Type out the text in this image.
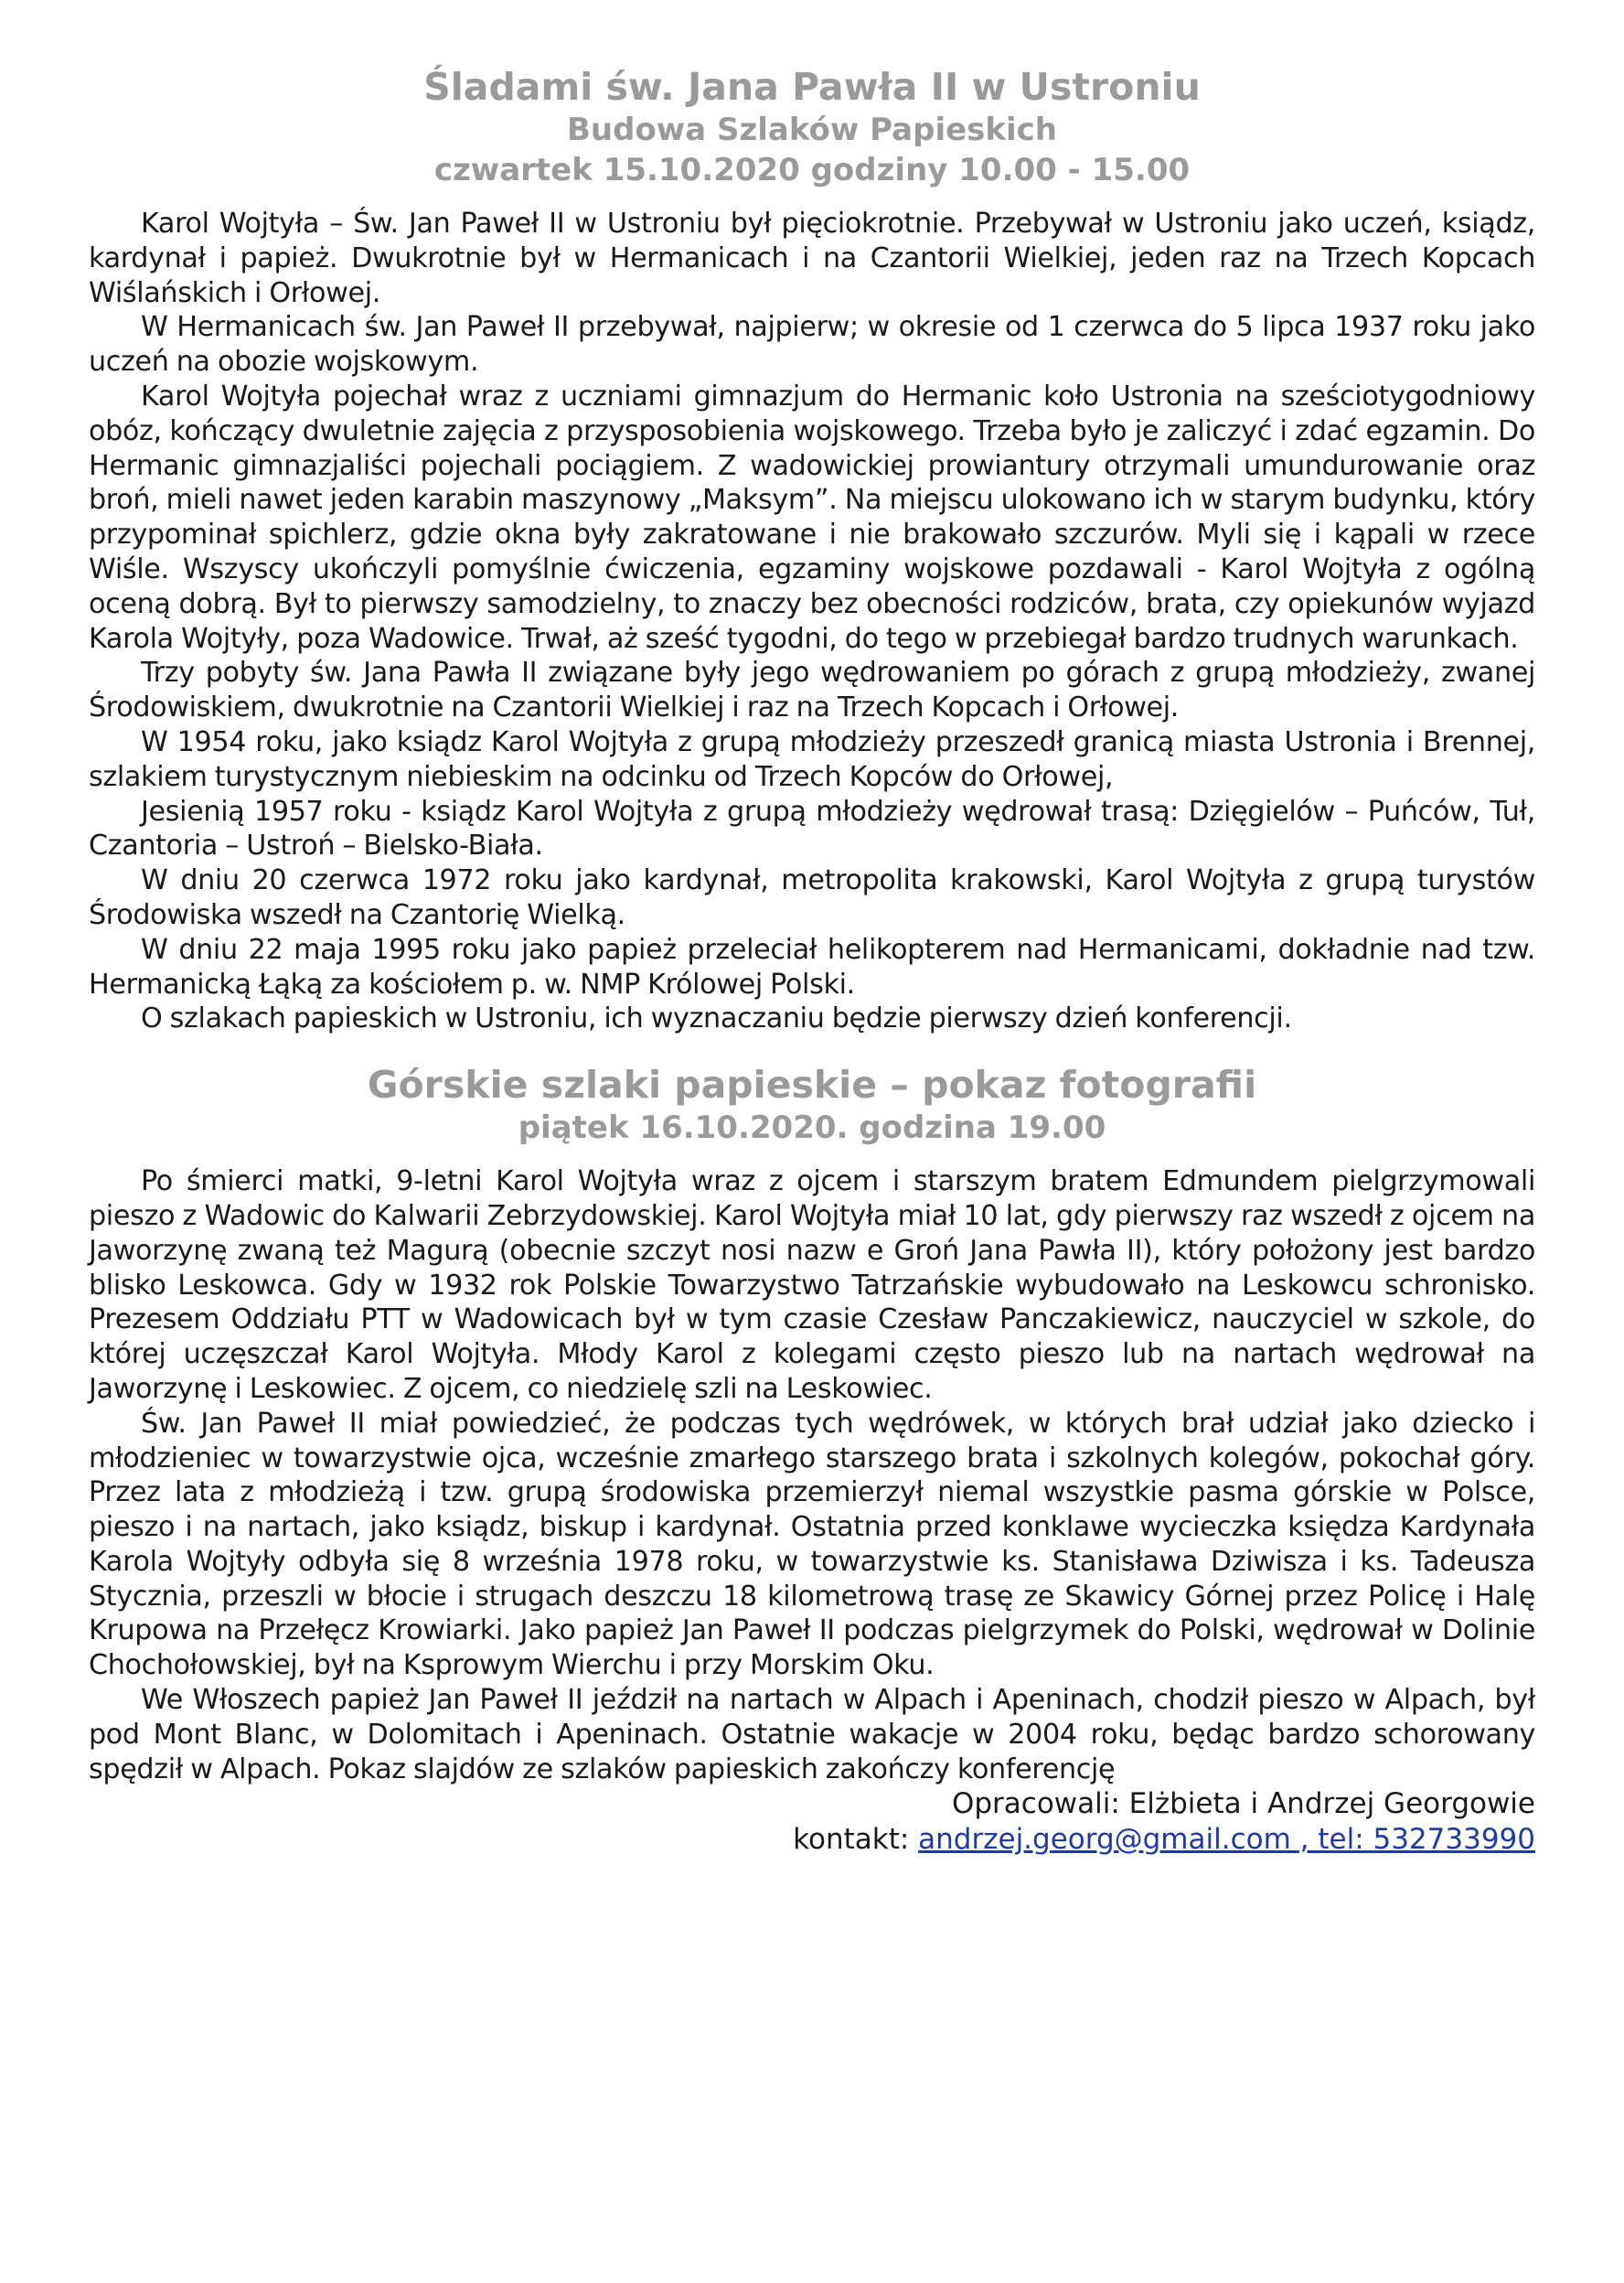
Śladami św. Jana Pawła II w Ustroniu

Budowa Szlaków Papieskich

czwartek 15.10.2020 godziny 10.00 - 15.00

Karol Wojtyła – Św. Jan Paweł II w Ustroniu był pięciokrotnie. Przebywał w Ustroniu jako uczeń, ksiądz, kardynał i papież. Dwukrotnie był w Hermanicach i na Czantorii Wielkiej, jeden raz na Trzech Kopcach Wiślańskich i Orłowej.

W Hermanicach św. Jan Paweł II przebywał, najpierw; w okresie od 1 czerwca do 5 lipca 1937 roku jako uczeń na obozie wojskowym.

Karol Wojtyła pojechał wraz z uczniami gimnazjum do Hermanic koło Ustronia na sześciotygodniowy obóz, kończący dwuletnie zajęcia z przysposobienia wojskowego. Trzeba było je zaliczyć i zdać egzamin. Do Hermanic gimnazjaliści pojechali pociągiem. Z wadowickiej prowiantury otrzymali umundurowanie oraz broń, mieli nawet jeden karabin maszynowy „Maksym”. Na miejscu ulokowano ich w starym budynku, który przypominał spichlerz, gdzie okna były zakratowane i nie brakowało szczurów. Myli się i kąpali w rzece Wiśle. Wszyscy ukończyli pomyślnie ćwiczenia, egzaminy wojskowe pozdawali - Karol Wojtyła z ogólną oceną dobrą. Był to pierwszy samodzielny, to znaczy bez obecności rodziców, brata, czy opiekunów wyjazd Karola Wojtyły, poza Wadowice. Trwał, aż sześć tygodni, do tego w przebiegał bardzo trudnych warunkach.

Trzy pobyty św. Jana Pawła II związane były jego wędrowaniem po górach z grupą młodzieży, zwanej Środowiskiem, dwukrotnie na Czantorii Wielkiej i raz na Trzech Kopcach i Orłowej.

W 1954 roku, jako ksiądz Karol Wojtyła z grupą młodzieży przeszedł granicą miasta Ustronia i Brennej, szlakiem turystycznym niebieskim na odcinku od Trzech Kopców do Orłowej,

Jesienią 1957 roku - ksiądz Karol Wojtyła z grupą młodzieży wędrował trasą: Dzięgielów – Puńców, Tuł, Czantoria – Ustroń – Bielsko-Biała.

W dniu 20 czerwca 1972 roku jako kardynał, metropolita krakowski, Karol Wojtyła z grupą turystów Środowiska wszedł na Czantorię Wielką.

W dniu 22 maja 1995 roku jako papież przeleciał helikopterem nad Hermanicami, dokładnie nad tzw. Hermanicką Łąką za kościołem p. w. NMP Królowej Polski.

O szlakach papieskich w Ustroniu, ich wyznaczaniu będzie pierwszy dzień konferencji.

Górskie szlaki papieskie – pokaz fotografii

piątek 16.10.2020. godzina 19.00

Po śmierci matki, 9-letni Karol Wojtyła wraz z ojcem i starszym bratem Edmundem pielgrzymowali pieszo z Wadowic do Kalwarii Zebrzydowskiej. Karol Wojtyła miał 10 lat, gdy pierwszy raz wszedł z ojcem na Jaworzynę zwaną też Magurą (obecnie szczyt nosi nazw e Groń Jana Pawła II), który położony jest bardzo blisko Leskowca. Gdy w 1932 rok Polskie Towarzystwo Tatrzańskie wybudowało na Leskowcu schronisko. Prezesem Oddziału PTT w Wadowicach był w tym czasie Czesław Panczakiewicz, nauczyciel w szkole, do której uczęszczał Karol Wojtyła. Młody Karol z kolegami często pieszo lub na nartach wędrował na Jaworzynę i Leskowiec. Z ojcem, co niedzielę szli na Leskowiec.

Św. Jan Paweł II miał powiedzieć, że podczas tych wędrówek, w których brał udział jako dziecko i młodzieniec w towarzystwie ojca, wcześnie zmarłego starszego brata i szkolnych kolegów, pokochał góry. Przez lata z młodzieżą i tzw. grupą środowiska przemierzył niemal wszystkie pasma górskie w Polsce, pieszo i na nartach, jako ksiądz, biskup i kardynał. Ostatnia przed konklawe wycieczka księdza Kardynała Karola Wojtyły odbyła się 8 września 1978 roku, w towarzystwie ks. Stanisława Dziwisza i ks. Tadeusza Stycznia, przeszli w błocie i strugach deszczu 18 kilometrową trasę ze Skawicy Górnej przez Policę i Halę Krupowa na Przełęcz Krowiarki. Jako papież Jan Paweł II podczas pielgrzymek do Polski, wędrował w Dolinie Chochołowskiej, był na Ksprowym Wierchu i przy Morskim Oku.

We Włoszech papież Jan Paweł II jeździł na nartach w Alpach i Apeninach, chodził pieszo w Alpach, był pod Mont Blanc, w Dolomitach i Apeninach. Ostatnie wakacje w 2004 roku, będąc bardzo schorowany spędził w Alpach. Pokaz slajdów ze szlaków papieskich zakończy konferencję

Opracowali: Elżbieta i Andrzej Georgowie

kontakt: andrzej.georg@gmail.com , tel: 532733990
